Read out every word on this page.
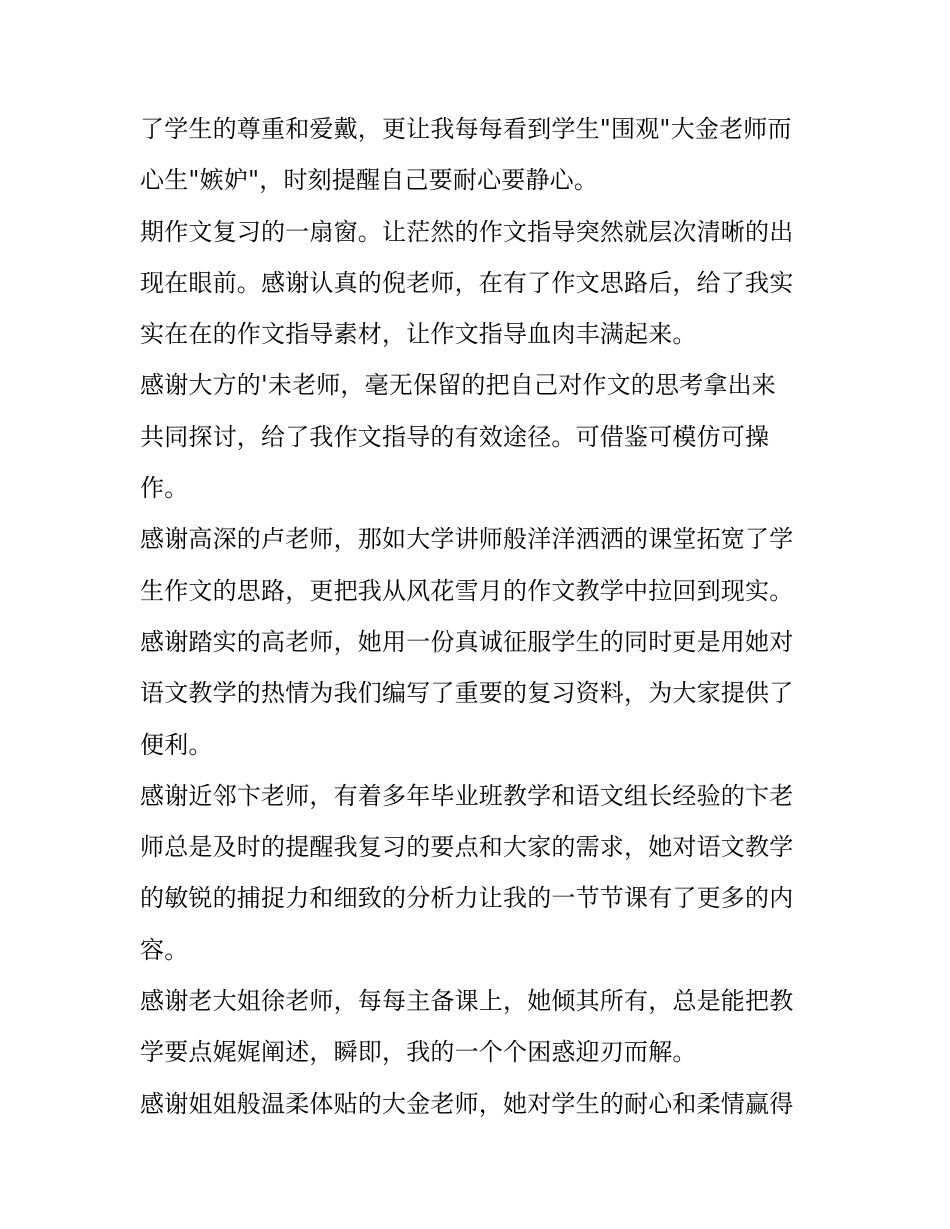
了学生的尊重和爱戴，更让我每每看到学生"围观"大金老师而
心生"嫉妒"，时刻提醒自己要耐心要静心。
期作文复习的一扇窗。让茫然的作文指导突然就层次清晰的出
现在眼前。感谢认真的倪老师，在有了作文思路后，给了我实
实在在的作文指导素材，让作文指导血肉丰满起来。
感谢大方的'未老师，毫无保留的把自己对作文的思考拿出来
共同探讨，给了我作文指导的有效途径。可借鉴可模仿可操
作。
感谢高深的卢老师，那如大学讲师般洋洋洒洒的课堂拓宽了学
生作文的思路，更把我从风花雪月的作文教学中拉回到现实。
感谢踏实的高老师，她用一份真诚征服学生的同时更是用她对
语文教学的热情为我们编写了重要的复习资料，为大家提供了
便利。
感谢近邻卞老师，有着多年毕业班教学和语文组长经验的卞老
师总是及时的提醒我复习的要点和大家的需求，她对语文教学
的敏锐的捕捉力和细致的分析力让我的一节节课有了更多的内
容。
感谢老大姐徐老师，每每主备课上，她倾其所有，总是能把教
学要点娓娓阐述，瞬即，我的一个个困惑迎刃而解。
感谢姐姐般温柔体贴的大金老师，她对学生的耐心和柔情赢得
